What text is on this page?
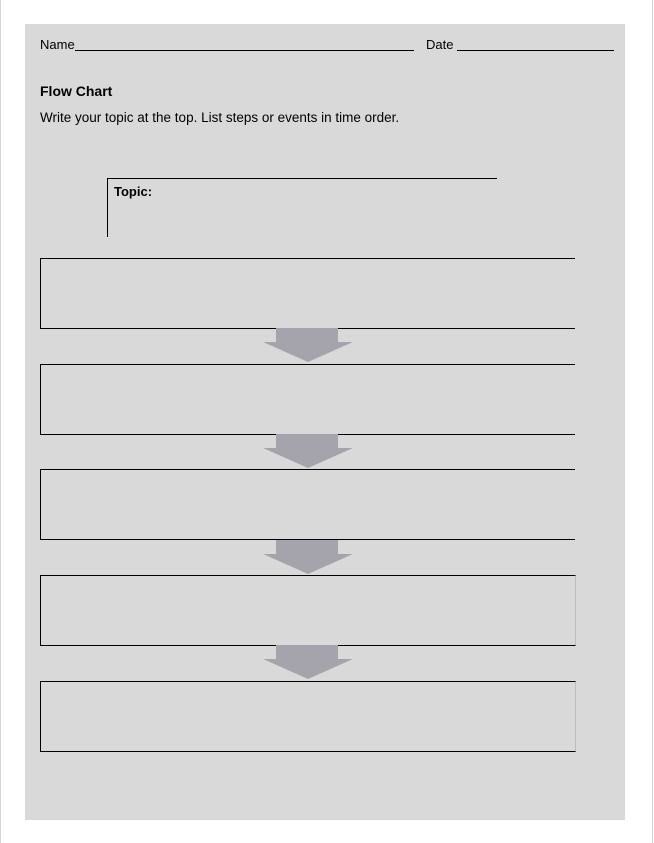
Name	Date
Flow Chart
Write your topic at the top. List steps or events in time order.
Topic:
